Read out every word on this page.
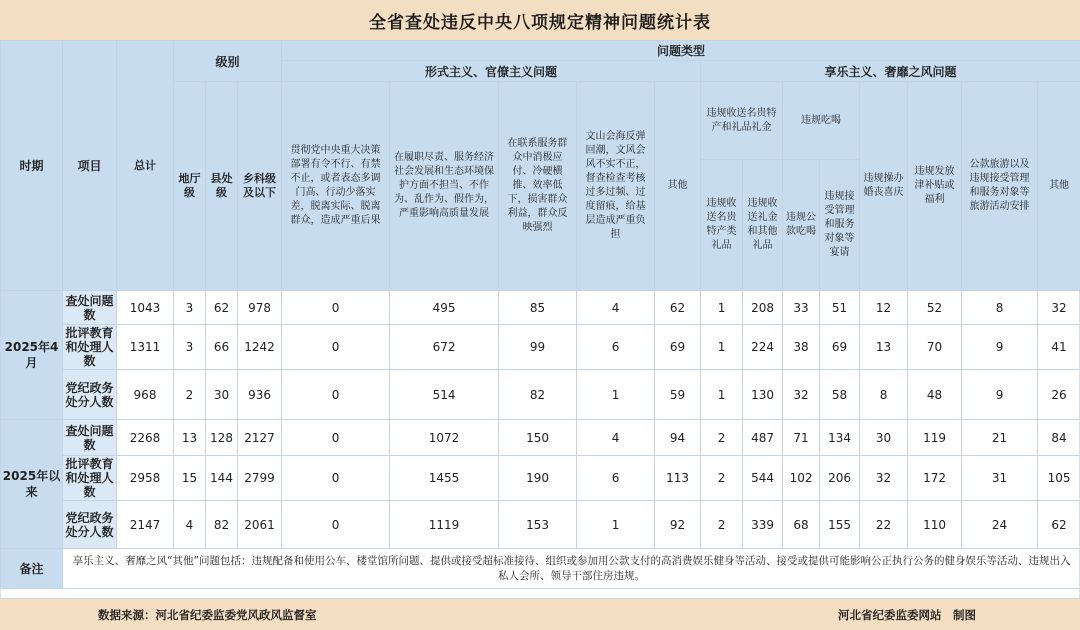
全省查处违反中央八项规定精神问题统计表
时期	项目	总计	级别			问题类型												
						形式主义、官僚主义问题					享乐主义、奢靡之风问题							
			地厅级	县处级	乡科级及以下	贯彻党中央重大决策部署有令不行、有禁不止，或者表态多调门高、行动少落实差，脱离实际、脱离群众，造成严重后果	在履职尽责、服务经济社会发展和生态环境保护方面不担当、不作为、乱作为、假作为，严重影响高质量发展	在联系服务群众中消极应付、冷硬横推、效率低下，损害群众利益，群众反映强烈	文山会海反弹回潮，文风会风不实不正，督查检查考核过多过频、过度留痕，给基层造成严重负担	其他	违规收送名贵特产和礼品礼金		违规吃喝		违规操办婚丧喜庆	违规发放津补贴或福利	公款旅游以及违规接受管理和服务对象等旅游活动安排	其他
											违规收送名贵特产类礼品	违规收送礼金和其他礼品	违规公款吃喝	违规接受管理和服务对象等宴请				
2025年4月	查处问题数	1043	3	62	978	0	495	85	4	62	1	208	33	51	12	52	8	32
	批评教育和处理人数	1311	3	66	1242	0	672	99	6	69	1	224	38	69	13	70	9	41
	党纪政务处分人数	968	2	30	936	0	514	82	1	59	1	130	32	58	8	48	9	26
2025年以来	查处问题数	2268	13	128	2127	0	1072	150	4	94	2	487	71	134	30	119	21	84
	批评教育和处理人数	2958	15	144	2799	0	1455	190	6	113	2	544	102	206	32	172	31	105
	党纪政务处分人数	2147	4	82	2061	0	1119	153	1	92	2	339	68	155	22	110	24	62
备注	享乐主义、奢靡之风“其他”问题包括：违规配备和使用公车、楼堂馆所问题、提供或接受超标准接待、组织或参加用公款支付的高消费娱乐健身等活动、接受或提供可能影响公正执行公务的健身娱乐等活动、违规出入私人会所、领导干部住房违规。																	
数据来源：河北省纪委监委党风政风监督室	河北省纪委监委网站　制图
